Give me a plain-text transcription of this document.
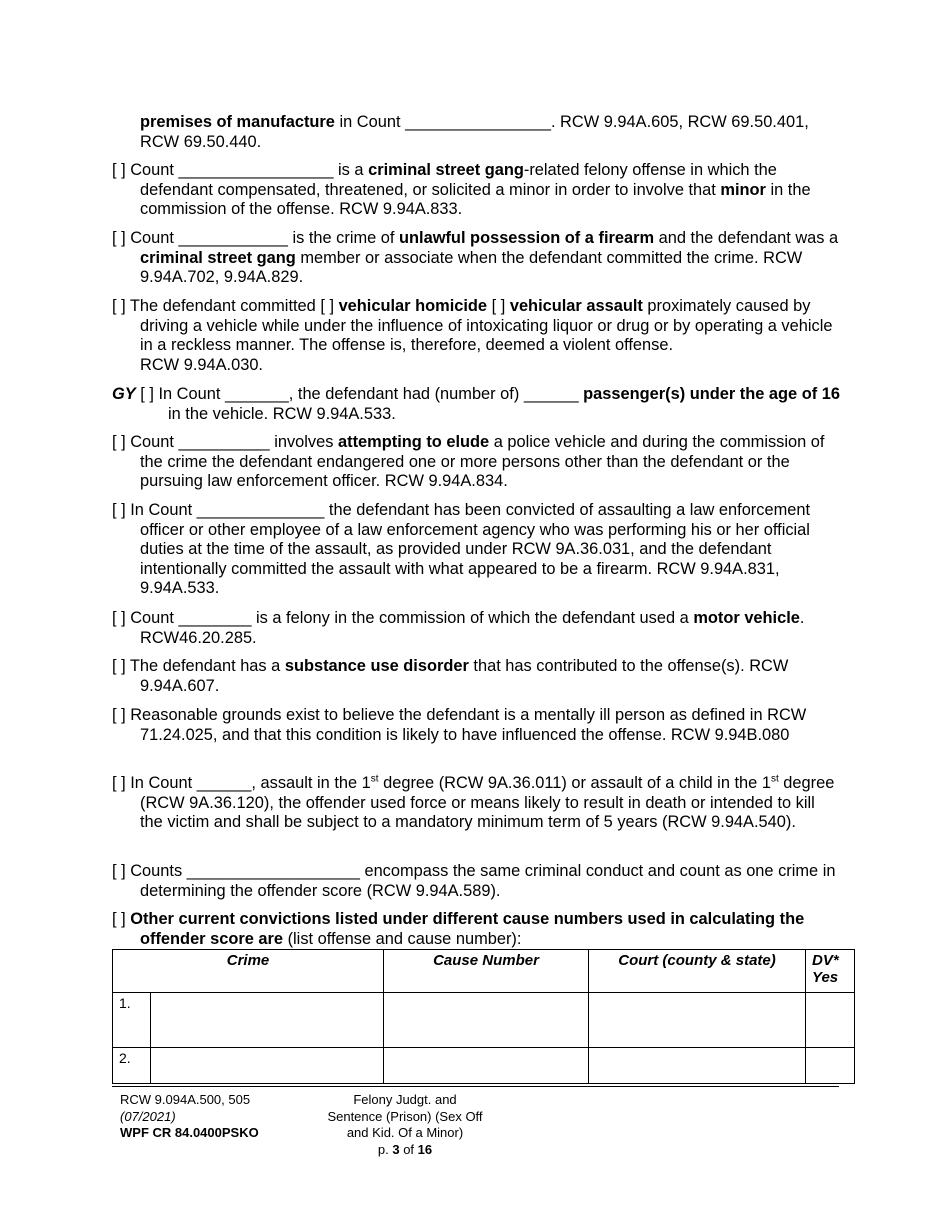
premises of manufacture in Count ________________. RCW 9.94A.605, RCW 69.50.401, RCW 69.50.440.
[ ] Count _________________ is a criminal street gang-related felony offense in which the defendant compensated, threatened, or solicited a minor in order to involve that minor in the commission of the offense. RCW 9.94A.833.
[ ] Count ____________ is the crime of unlawful possession of a firearm and the defendant was a criminal street gang member or associate when the defendant committed the crime. RCW 9.94A.702, 9.94A.829.
[ ] The defendant committed [ ] vehicular homicide [ ] vehicular assault proximately caused by driving a vehicle while under the influence of intoxicating liquor or drug or by operating a vehicle in a reckless manner. The offense is, therefore, deemed a violent offense.
RCW 9.94A.030.
GY [ ] In Count _______, the defendant had (number of) ______ passenger(s) under the age of 16 in the vehicle. RCW 9.94A.533.
[ ] Count __________ involves attempting to elude a police vehicle and during the commission of the crime the defendant endangered one or more persons other than the defendant or the pursuing law enforcement officer. RCW 9.94A.834.
[ ] In Count ______________ the defendant has been convicted of assaulting a law enforcement officer or other employee of a law enforcement agency who was performing his or her official duties at the time of the assault, as provided under RCW 9A.36.031, and the defendant intentionally committed the assault with what appeared to be a firearm. RCW 9.94A.831, 9.94A.533.
[ ] Count ________ is a felony in the commission of which the defendant used a motor vehicle. RCW46.20.285.
[ ] The defendant has a substance use disorder that has contributed to the offense(s). RCW 9.94A.607.
[ ] Reasonable grounds exist to believe the defendant is a mentally ill person as defined in RCW 71.24.025, and that this condition is likely to have influenced the offense. RCW 9.94B.080
[ ] In Count ______, assault in the 1st degree (RCW 9A.36.011) or assault of a child in the 1st degree (RCW 9A.36.120), the offender used force or means likely to result in death or intended to kill the victim and shall be subject to a mandatory minimum term of 5 years (RCW 9.94A.540).
[ ] Counts ___________________ encompass the same criminal conduct and count as one crime in determining the offender score (RCW 9.94A.589).
[ ] Other current convictions listed under different cause numbers used in calculating the offender score are (list offense and cause number):
Crime		Cause Number	Court (county & state)	DV* Yes
1.				
2.				
RCW 9.094A.500, 505
(07/2021)
WPF CR 84.0400PSKO
Felony Judgt. and
Sentence (Prison) (Sex Off
and Kid. Of a Minor)
p. 3 of 16
